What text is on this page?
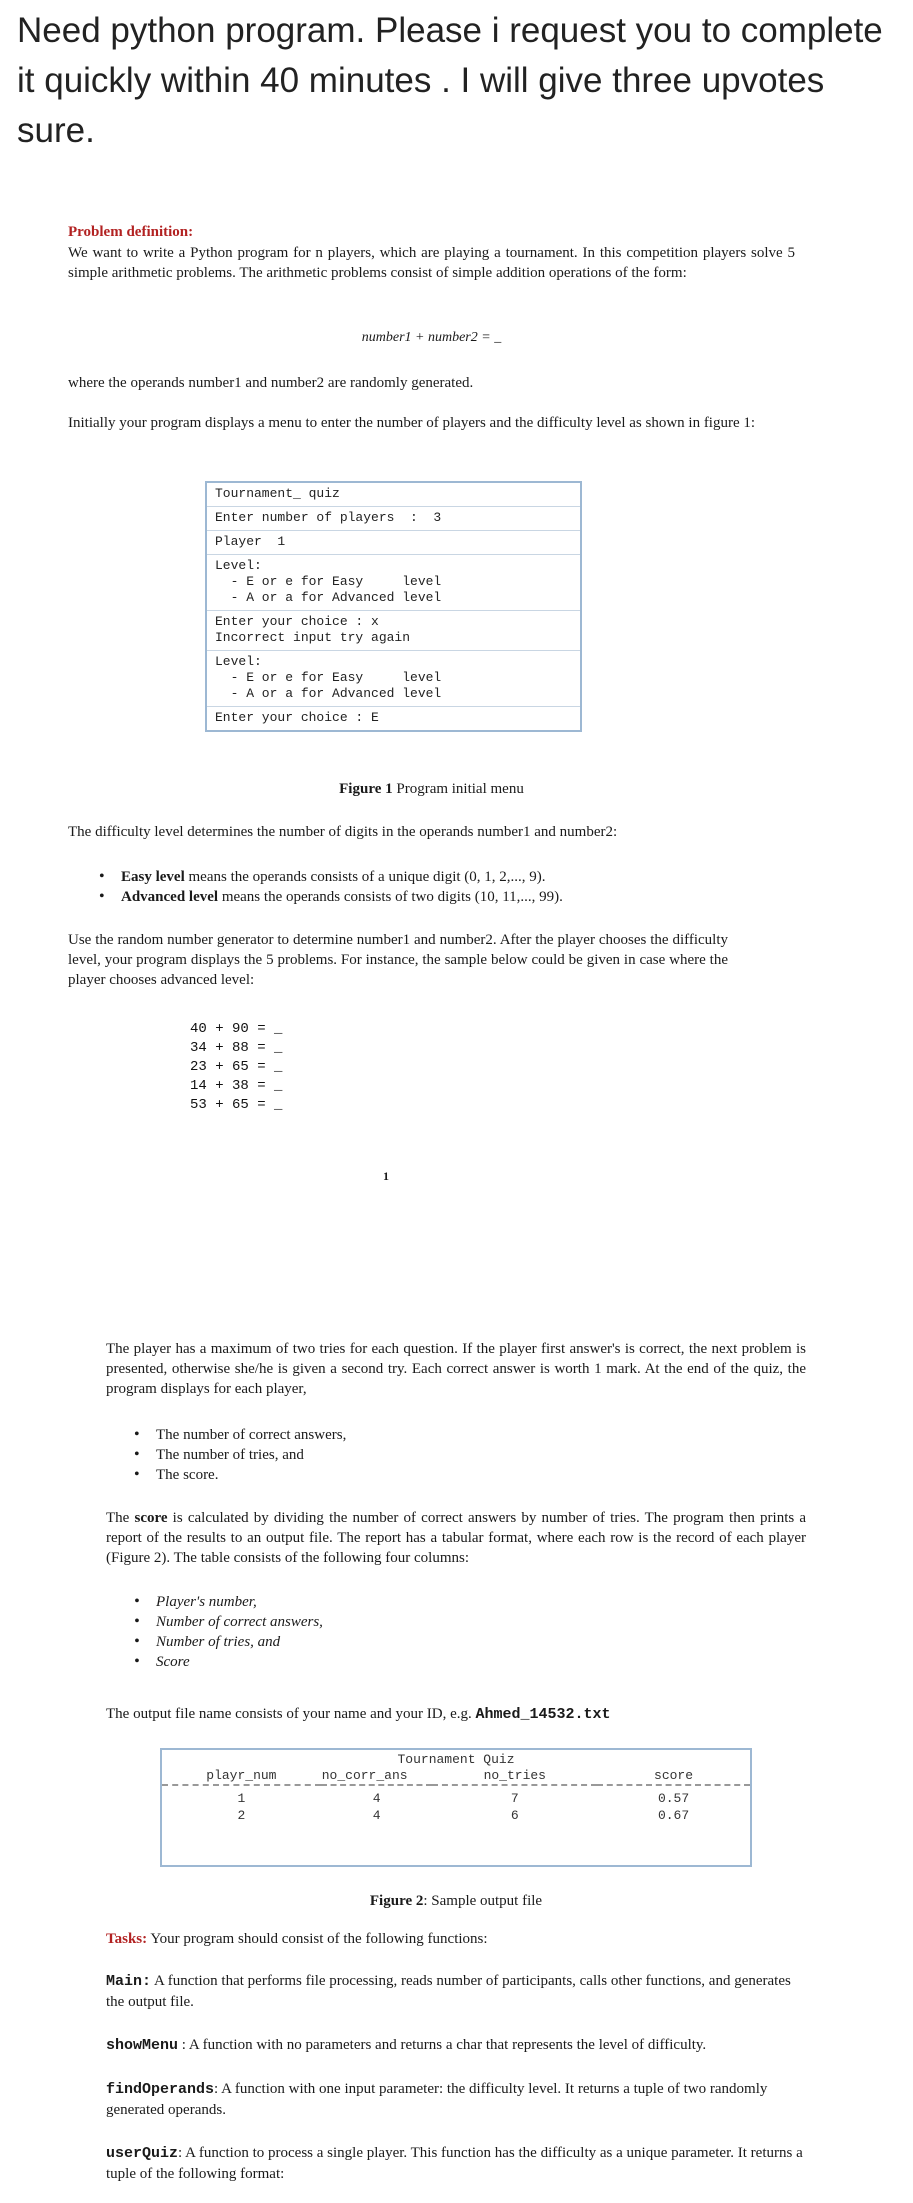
Need python program. Please i request you to complete it quickly within 40 minutes . I will give three upvotes sure.
Problem definition:
We want to write a Python program for n players, which are playing a tournament. In this competition players solve 5 simple arithmetic problems. The arithmetic problems consist of simple addition operations of the form:
number1 + number2 = _
where the operands number1 and number2 are randomly generated.
Initially your program displays a menu to enter the number of players and the difficulty level as shown in figure 1:
Tournament_ quiz
Enter number of players  :  3
Player  1
Level:
- E or e for Easy     level
- A or a for Advanced level
Enter your choice : x
Incorrect input try again
Level:
- E or e for Easy     level
- A or a for Advanced level
Enter your choice : E
Figure 1 Program initial menu
The difficulty level determines the number of digits in the operands number1 and number2:
• Easy level means the operands consists of a unique digit (0, 1, 2,..., 9).
• Advanced level means the operands consists of two digits (10, 11,..., 99).
Use the random number generator to determine number1 and number2. After the player chooses the difficulty level, your program displays the 5 problems. For instance, the sample below could be given in case where the player chooses advanced level:
40 + 90 = _
34 + 88 = _
23 + 65 = _
14 + 38 = _
53 + 65 = _
1
The player has a maximum of two tries for each question. If the player first answer's is correct, the next problem is presented, otherwise she/he is given a second try. Each correct answer is worth 1 mark. At the end of the quiz, the program displays for each player,
• The number of correct answers,
• The number of tries, and
• The score.
The score is calculated by dividing the number of correct answers by number of tries. The program then prints a report of the results to an output file. The report has a tabular format, where each row is the record of each player (Figure 2). The table consists of the following four columns:
• Player's number,
• Number of correct answers,
• Number of tries, and
• Score
The output file name consists of your name and your ID, e.g. Ahmed_14532.txt
Tournament Quiz
playr_num	no_corr_ans	no_tries	score
1	4	7	0.57
2	4	6	0.67
Figure 2: Sample output file
Tasks: Your program should consist of the following functions:
Main: A function that performs file processing, reads number of participants, calls other functions, and generates the output file.
showMenu : A function with no parameters and returns a char that represents the level of difficulty.
findOperands: A function with one input parameter: the difficulty level. It returns a tuple of two randomly generated operands.
userQuiz: A function to process a single player. This function has the difficulty as a unique parameter. It returns a tuple of the following format:
